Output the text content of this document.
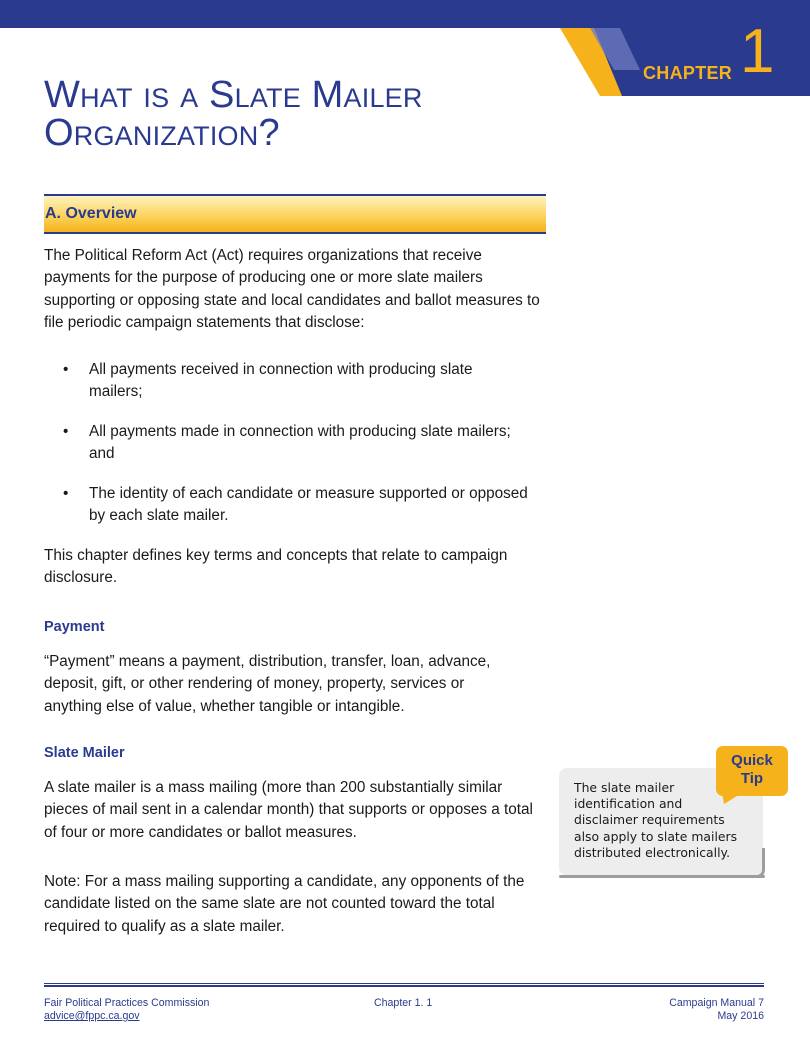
CHAPTER 1
What is a Slate Mailer
Organization?
A. Overview
The Political Reform Act (Act) requires organizations that receive payments for the purpose of producing one or more slate mailers supporting or opposing state and local candidates and ballot measures to file periodic campaign statements that disclose:
• All payments received in connection with producing slate mailers;
• All payments made in connection with producing slate mailers; and
• The identity of each candidate or measure supported or opposed by each slate mailer.
This chapter defines key terms and concepts that relate to campaign disclosure.
Payment
“Payment” means a payment, distribution, transfer, loan, advance, deposit, gift, or other rendering of money, property, services or anything else of value, whether tangible or intangible.
Slate Mailer
A slate mailer is a mass mailing (more than 200 substantially similar pieces of mail sent in a calendar month) that supports or opposes a total of four or more candidates or ballot measures.
Note: For a mass mailing supporting a candidate, any opponents of the candidate listed on the same slate are not counted toward the total required to qualify as a slate mailer.
The slate mailer identification and disclaimer requirements also apply to slate mailers distributed electronically.
Quick
Tip
Fair Political Practices Commission
advice@fppc.ca.gov
Chapter 1. 1	Campaign Manual 7
May 2016
